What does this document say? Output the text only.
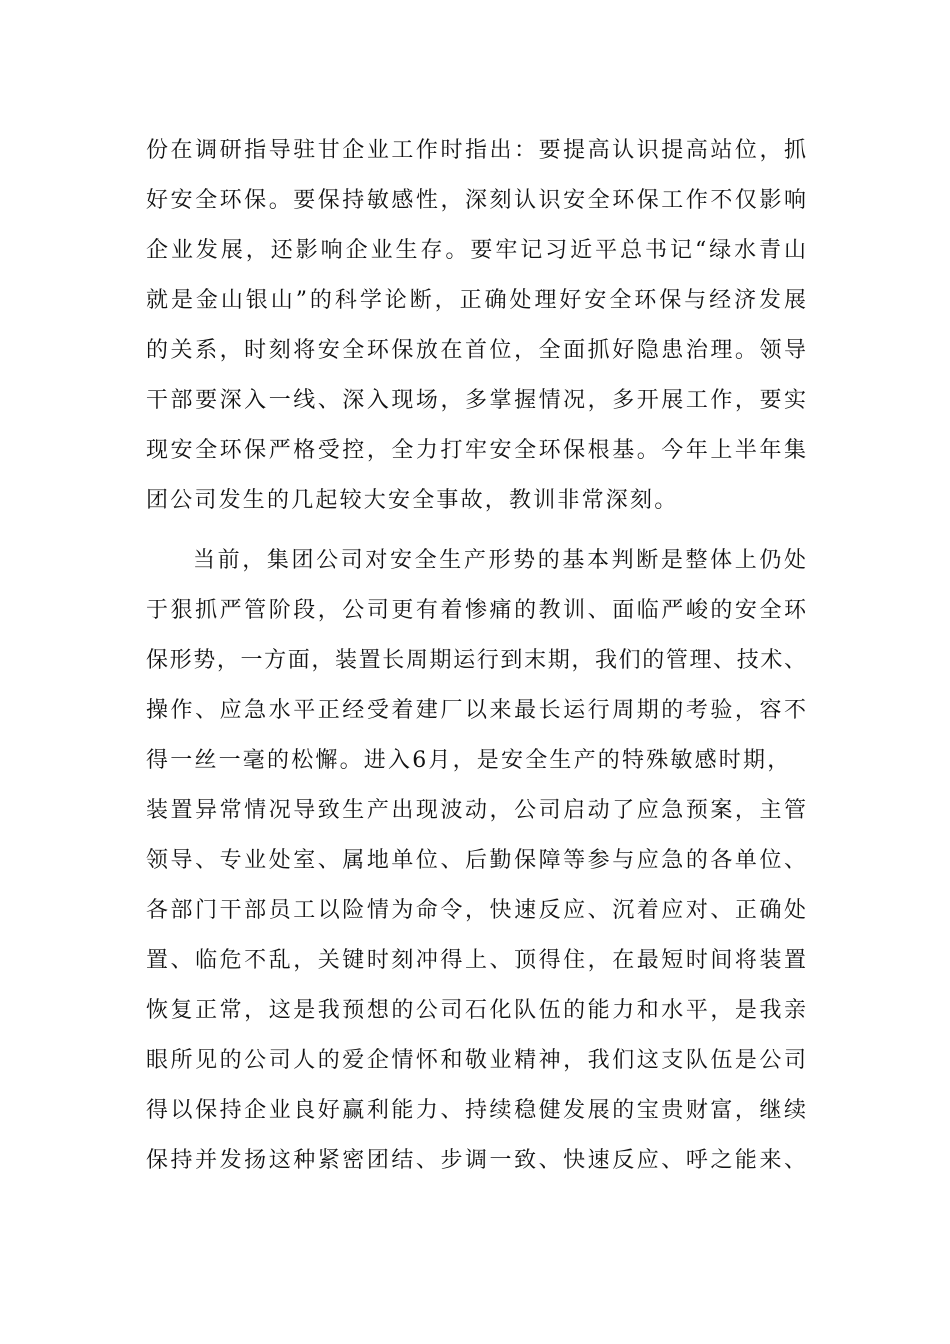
份在调研指导驻甘企业工作时指出：要提高认识提高站位，抓

好安全环保。要保持敏感性，深刻认识安全环保工作不仅影响

企业发展，还影响企业生存。要牢记习近平总书记“绿水青山

就是金山银山”的科学论断，正确处理好安全环保与经济发展

的关系，时刻将安全环保放在首位，全面抓好隐患治理。领导

干部要深入一线、深入现场，多掌握情况，多开展工作，要实

现安全环保严格受控，全力打牢安全环保根基。今年上半年集

团公司发生的几起较大安全事故，教训非常深刻。

当前，集团公司对安全生产形势的基本判断是整体上仍处

于狠抓严管阶段，公司更有着惨痛的教训、面临严峻的安全环

保形势，一方面，装置长周期运行到末期，我们的管理、技术、

操作、应急水平正经受着建厂以来最长运行周期的考验，容不

得一丝一毫的松懈。进入6月，是安全生产的特殊敏感时期，

装置异常情况导致生产出现波动，公司启动了应急预案，主管

领导、专业处室、属地单位、后勤保障等参与应急的各单位、

各部门干部员工以险情为命令，快速反应、沉着应对、正确处

置、临危不乱，关键时刻冲得上、顶得住，在最短时间将装置

恢复正常，这是我预想的公司石化队伍的能力和水平，是我亲

眼所见的公司人的爱企情怀和敬业精神，我们这支队伍是公司

得以保持企业良好赢利能力、持续稳健发展的宝贵财富，继续

保持并发扬这种紧密团结、步调一致、快速反应、呼之能来、
